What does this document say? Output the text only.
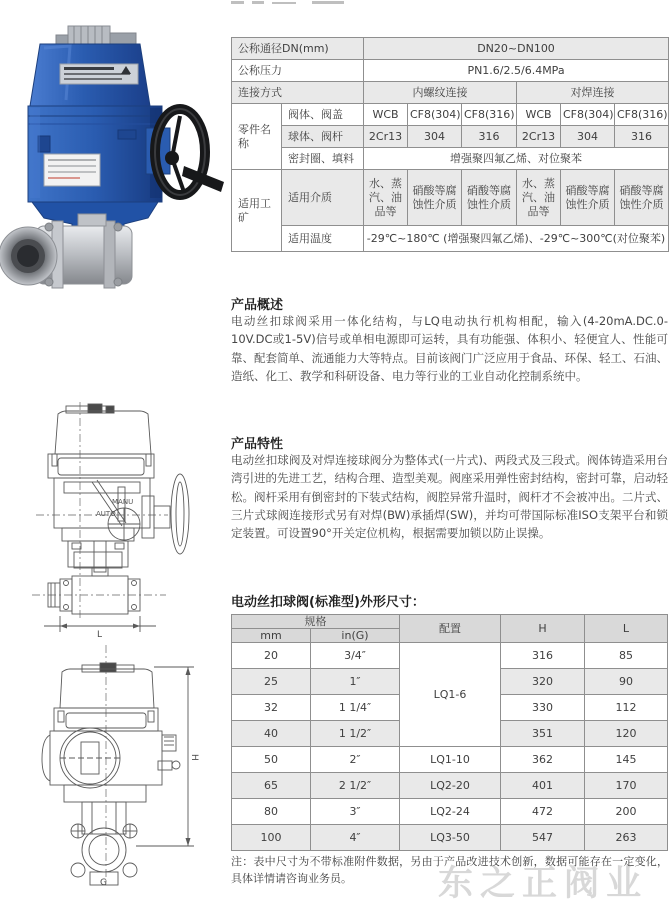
公称通径DN(mm)		DN20~DN100					
公称压力		PN1.6/2.5/6.4MPa					
连接方式		内螺纹连接			对焊连接		
零件名称	阀体、阀盖	WCB	CF8(304)	CF8(316)	WCB	CF8(304)	CF8(316)
	球体、阀杆	2Cr13	304	316	2Cr13	304	316
	密封圈、填料	增强聚四氟乙烯、对位聚苯					
适用工矿	适用介质	水、蒸汽、油品等	硝酸等腐蚀性介质	硝酸等腐蚀性介质	水、蒸汽、油品等	硝酸等腐蚀性介质	硝酸等腐蚀性介质
	适用温度	-29℃~180℃ (增强聚四氟乙烯)、-29℃~300℃(对位聚苯)					
产品概述
电动丝扣球阀采用一体化结构，与LQ电动执行机构相配，输入(4-20mA.DC.0-10V.DC或1-5V)信号或单相电源即可运转，具有功能强、体积小、轻便宜人、性能可靠、配套简单、流通能力大等特点。目前该阀门广泛应用于食品、环保、轻工、石油、造纸、化工、教学和科研设备、电力等行业的工业自动化控制系统中。
产品特性
电动丝扣球阀及对焊连接球阀分为整体式(一片式)、两段式及三段式。阀体铸造采用台湾引进的先进工艺，结构合理、造型美观。阀座采用弹性密封结构，密封可靠，启动轻松。阀杆采用有倒密封的下装式结构，阀腔异常升温时，阀杆才不会被冲出。二片式、三片式球阀连接形式另有对焊(BW)承插焊(SW)，并均可带国际标准ISO支架平台和锁定装置。可设置90°开关定位机构，根据需要加锁以防止误操。
MANU
AUTO
L
G
H
电动丝扣球阀(标准型)外形尺寸：
规格		配置	H	L
mm	in(G)			
20	3/4″	LQ1-6	316	85
25	1″		320	90
32	1 1/4″		330	112
40	1 1/2″		351	120
50	2″	LQ1-10	362	145
65	2 1/2″	LQ2-20	401	170
80	3″	LQ2-24	472	200
100	4″	LQ3-50	547	263
东之正阀业
注：表中尺寸为不带标准附件数据，另由于产品改进技术创新，数据可能存在一定变化，具体详情请咨询业务员。
